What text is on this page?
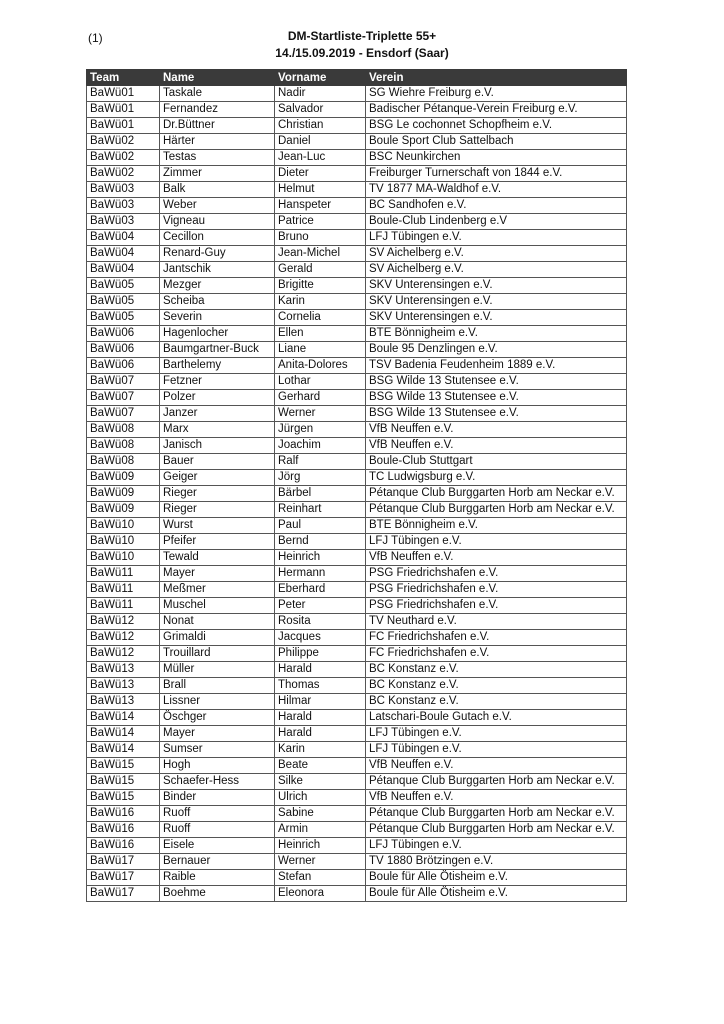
(1)	DM-Startliste-Triplette 55+
14./15.09.2019 - Ensdorf (Saar)
Team	Name	Vorname	Verein
BaWü01	Taskale	Nadir	SG Wiehre Freiburg e.V.
BaWü01	Fernandez	Salvador	Badischer Pétanque-Verein Freiburg e.V.
BaWü01	Dr.Büttner	Christian	BSG Le cochonnet Schopfheim e.V.
BaWü02	Härter	Daniel	Boule Sport Club Sattelbach
BaWü02	Testas	Jean-Luc	BSC Neunkirchen
BaWü02	Zimmer	Dieter	Freiburger Turnerschaft von 1844 e.V.
BaWü03	Balk	Helmut	TV 1877 MA-Waldhof e.V.
BaWü03	Weber	Hanspeter	BC Sandhofen e.V.
BaWü03	Vigneau	Patrice	Boule-Club Lindenberg e.V
BaWü04	Cecillon	Bruno	LFJ Tübingen e.V.
BaWü04	Renard-Guy	Jean-Michel	SV Aichelberg e.V.
BaWü04	Jantschik	Gerald	SV Aichelberg e.V.
BaWü05	Mezger	Brigitte	SKV Unterensingen e.V.
BaWü05	Scheiba	Karin	SKV Unterensingen e.V.
BaWü05	Severin	Cornelia	SKV Unterensingen e.V.
BaWü06	Hagenlocher	Ellen	BTE Bönnigheim e.V.
BaWü06	Baumgartner-Buck	Liane	Boule 95 Denzlingen e.V.
BaWü06	Barthelemy	Anita-Dolores	TSV Badenia Feudenheim 1889 e.V.
BaWü07	Fetzner	Lothar	BSG Wilde 13 Stutensee e.V.
BaWü07	Polzer	Gerhard	BSG Wilde 13 Stutensee e.V.
BaWü07	Janzer	Werner	BSG Wilde 13 Stutensee e.V.
BaWü08	Marx	Jürgen	VfB Neuffen e.V.
BaWü08	Janisch	Joachim	VfB Neuffen e.V.
BaWü08	Bauer	Ralf	Boule-Club Stuttgart
BaWü09	Geiger	Jörg	TC Ludwigsburg e.V.
BaWü09	Rieger	Bärbel	Pétanque Club Burggarten Horb am Neckar e.V.
BaWü09	Rieger	Reinhart	Pétanque Club Burggarten Horb am Neckar e.V.
BaWü10	Wurst	Paul	BTE Bönnigheim e.V.
BaWü10	Pfeifer	Bernd	LFJ Tübingen e.V.
BaWü10	Tewald	Heinrich	VfB Neuffen e.V.
BaWü11	Mayer	Hermann	PSG Friedrichshafen e.V.
BaWü11	Meßmer	Eberhard	PSG Friedrichshafen e.V.
BaWü11	Muschel	Peter	PSG Friedrichshafen e.V.
BaWü12	Nonat	Rosita	TV Neuthard e.V.
BaWü12	Grimaldi	Jacques	FC Friedrichshafen e.V.
BaWü12	Trouillard	Philippe	FC Friedrichshafen e.V.
BaWü13	Müller	Harald	BC Konstanz e.V.
BaWü13	Brall	Thomas	BC Konstanz e.V.
BaWü13	Lissner	Hilmar	BC Konstanz e.V.
BaWü14	Öschger	Harald	Latschari-Boule Gutach e.V.
BaWü14	Mayer	Harald	LFJ Tübingen e.V.
BaWü14	Sumser	Karin	LFJ Tübingen e.V.
BaWü15	Hogh	Beate	VfB Neuffen e.V.
BaWü15	Schaefer-Hess	Silke	Pétanque Club Burggarten Horb am Neckar e.V.
BaWü15	Binder	Ulrich	VfB Neuffen e.V.
BaWü16	Ruoff	Sabine	Pétanque Club Burggarten Horb am Neckar e.V.
BaWü16	Ruoff	Armin	Pétanque Club Burggarten Horb am Neckar e.V.
BaWü16	Eisele	Heinrich	LFJ Tübingen e.V.
BaWü17	Bernauer	Werner	TV 1880 Brötzingen e.V.
BaWü17	Raible	Stefan	Boule für Alle Ötisheim e.V.
BaWü17	Boehme	Eleonora	Boule für Alle Ötisheim e.V.
